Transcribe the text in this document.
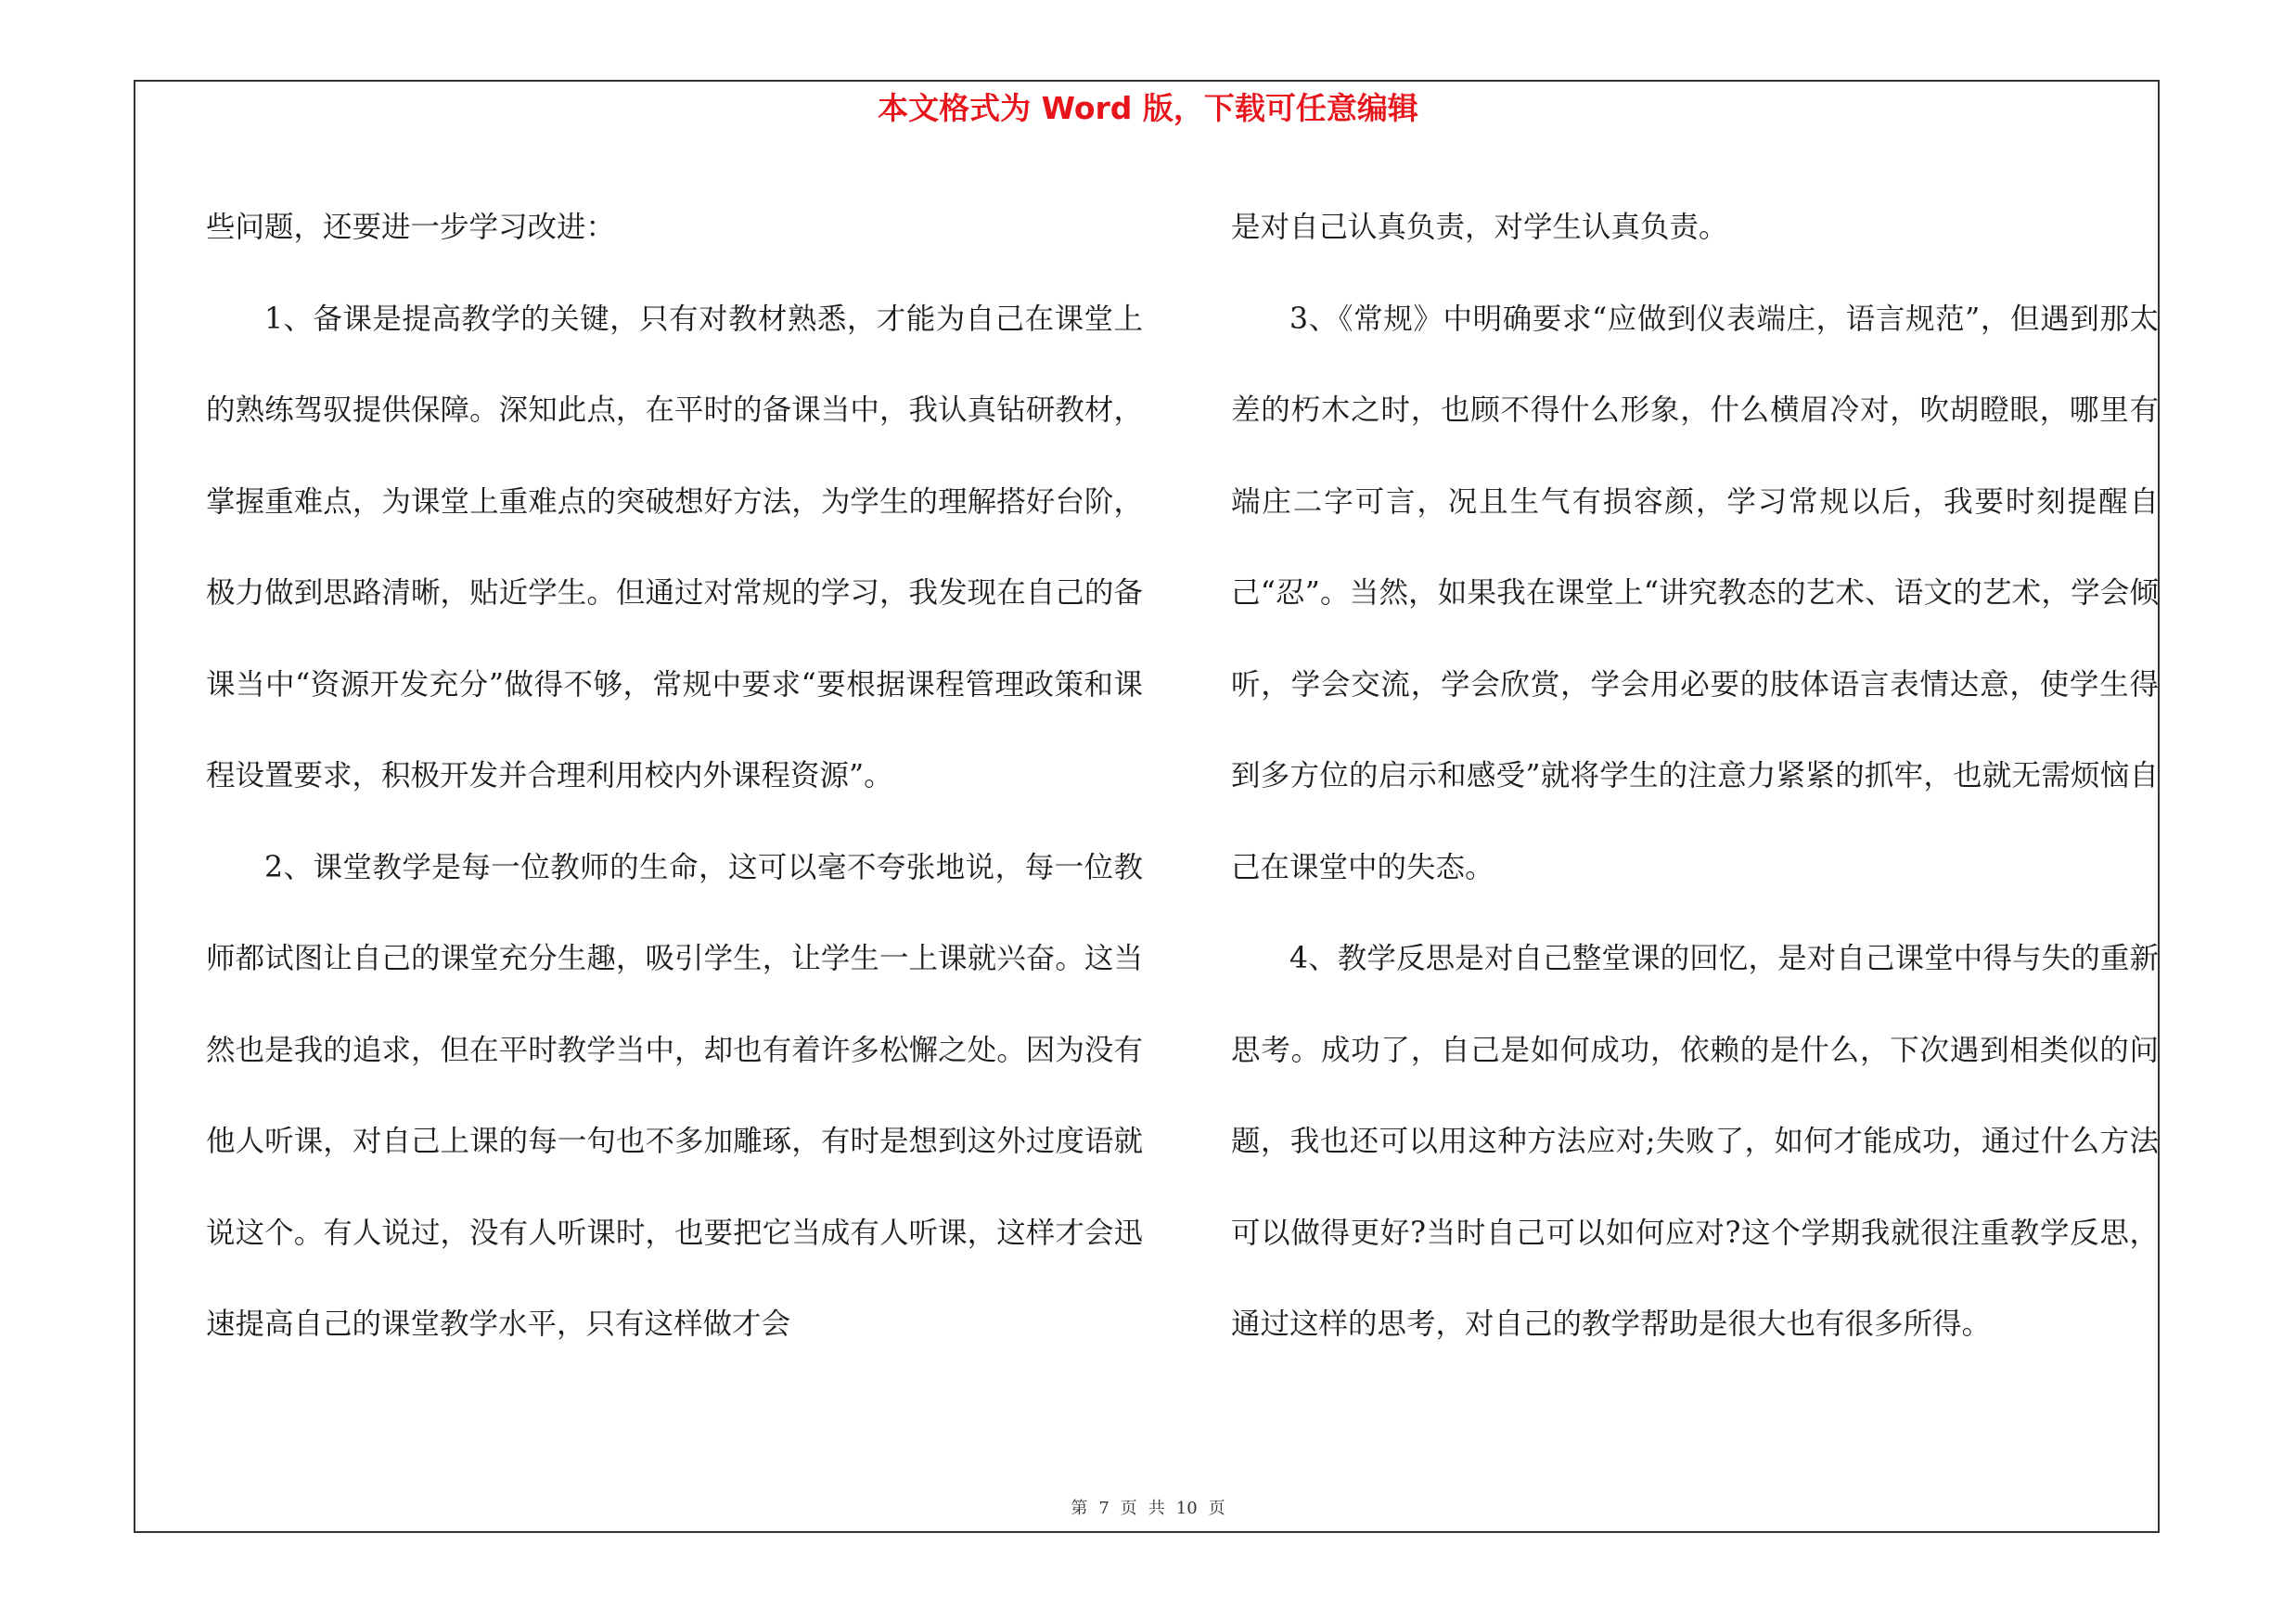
本文格式为 Word 版，下载可任意编辑

些问题，还要进一步学习改进：

1、备课是提高教学的关键，只有对教材熟悉，才能为自己在课堂上的熟练驾驭提供保障。深知此点，在平时的备课当中，我认真钻研教材，掌握重难点，为课堂上重难点的突破想好方法，为学生的理解搭好台阶，极力做到思路清晰，贴近学生。但通过对常规的学习，我发现在自己的备课当中“资源开发充分”做得不够，常规中要求“要根据课程管理政策和课程设置要求，积极开发并合理利用校内外课程资源”。

2、课堂教学是每一位教师的生命，这可以毫不夸张地说，每一位教师都试图让自己的课堂充分生趣，吸引学生，让学生一上课就兴奋。这当然也是我的追求，但在平时教学当中，却也有着许多松懈之处。因为没有他人听课，对自己上课的每一句也不多加雕琢，有时是想到这外过度语就说这个。有人说过，没有人听课时，也要把它当成有人听课，这样才会迅速提高自己的课堂教学水平，只有这样做才会

是对自己认真负责，对学生认真负责。

3、《常规》中明确要求“应做到仪表端庄，语言规范”，但遇到那太差的朽木之时，也顾不得什么形象，什么横眉冷对，吹胡瞪眼，哪里有端庄二字可言，况且生气有损容颜，学习常规以后，我要时刻提醒自己“忍”。当然，如果我在课堂上“讲究教态的艺术、语文的艺术，学会倾听，学会交流，学会欣赏，学会用必要的肢体语言表情达意，使学生得到多方位的启示和感受”就将学生的注意力紧紧的抓牢，也就无需烦恼自己在课堂中的失态。

4、教学反思是对自己整堂课的回忆，是对自己课堂中得与失的重新思考。成功了，自己是如何成功，依赖的是什么，下次遇到相类似的问题，我也还可以用这种方法应对;失败了，如何才能成功，通过什么方法可以做得更好?当时自己可以如何应对?这个学期我就很注重教学反思，通过这样的思考，对自己的教学帮助是很大也有很多所得。

第 7 页 共 10 页
